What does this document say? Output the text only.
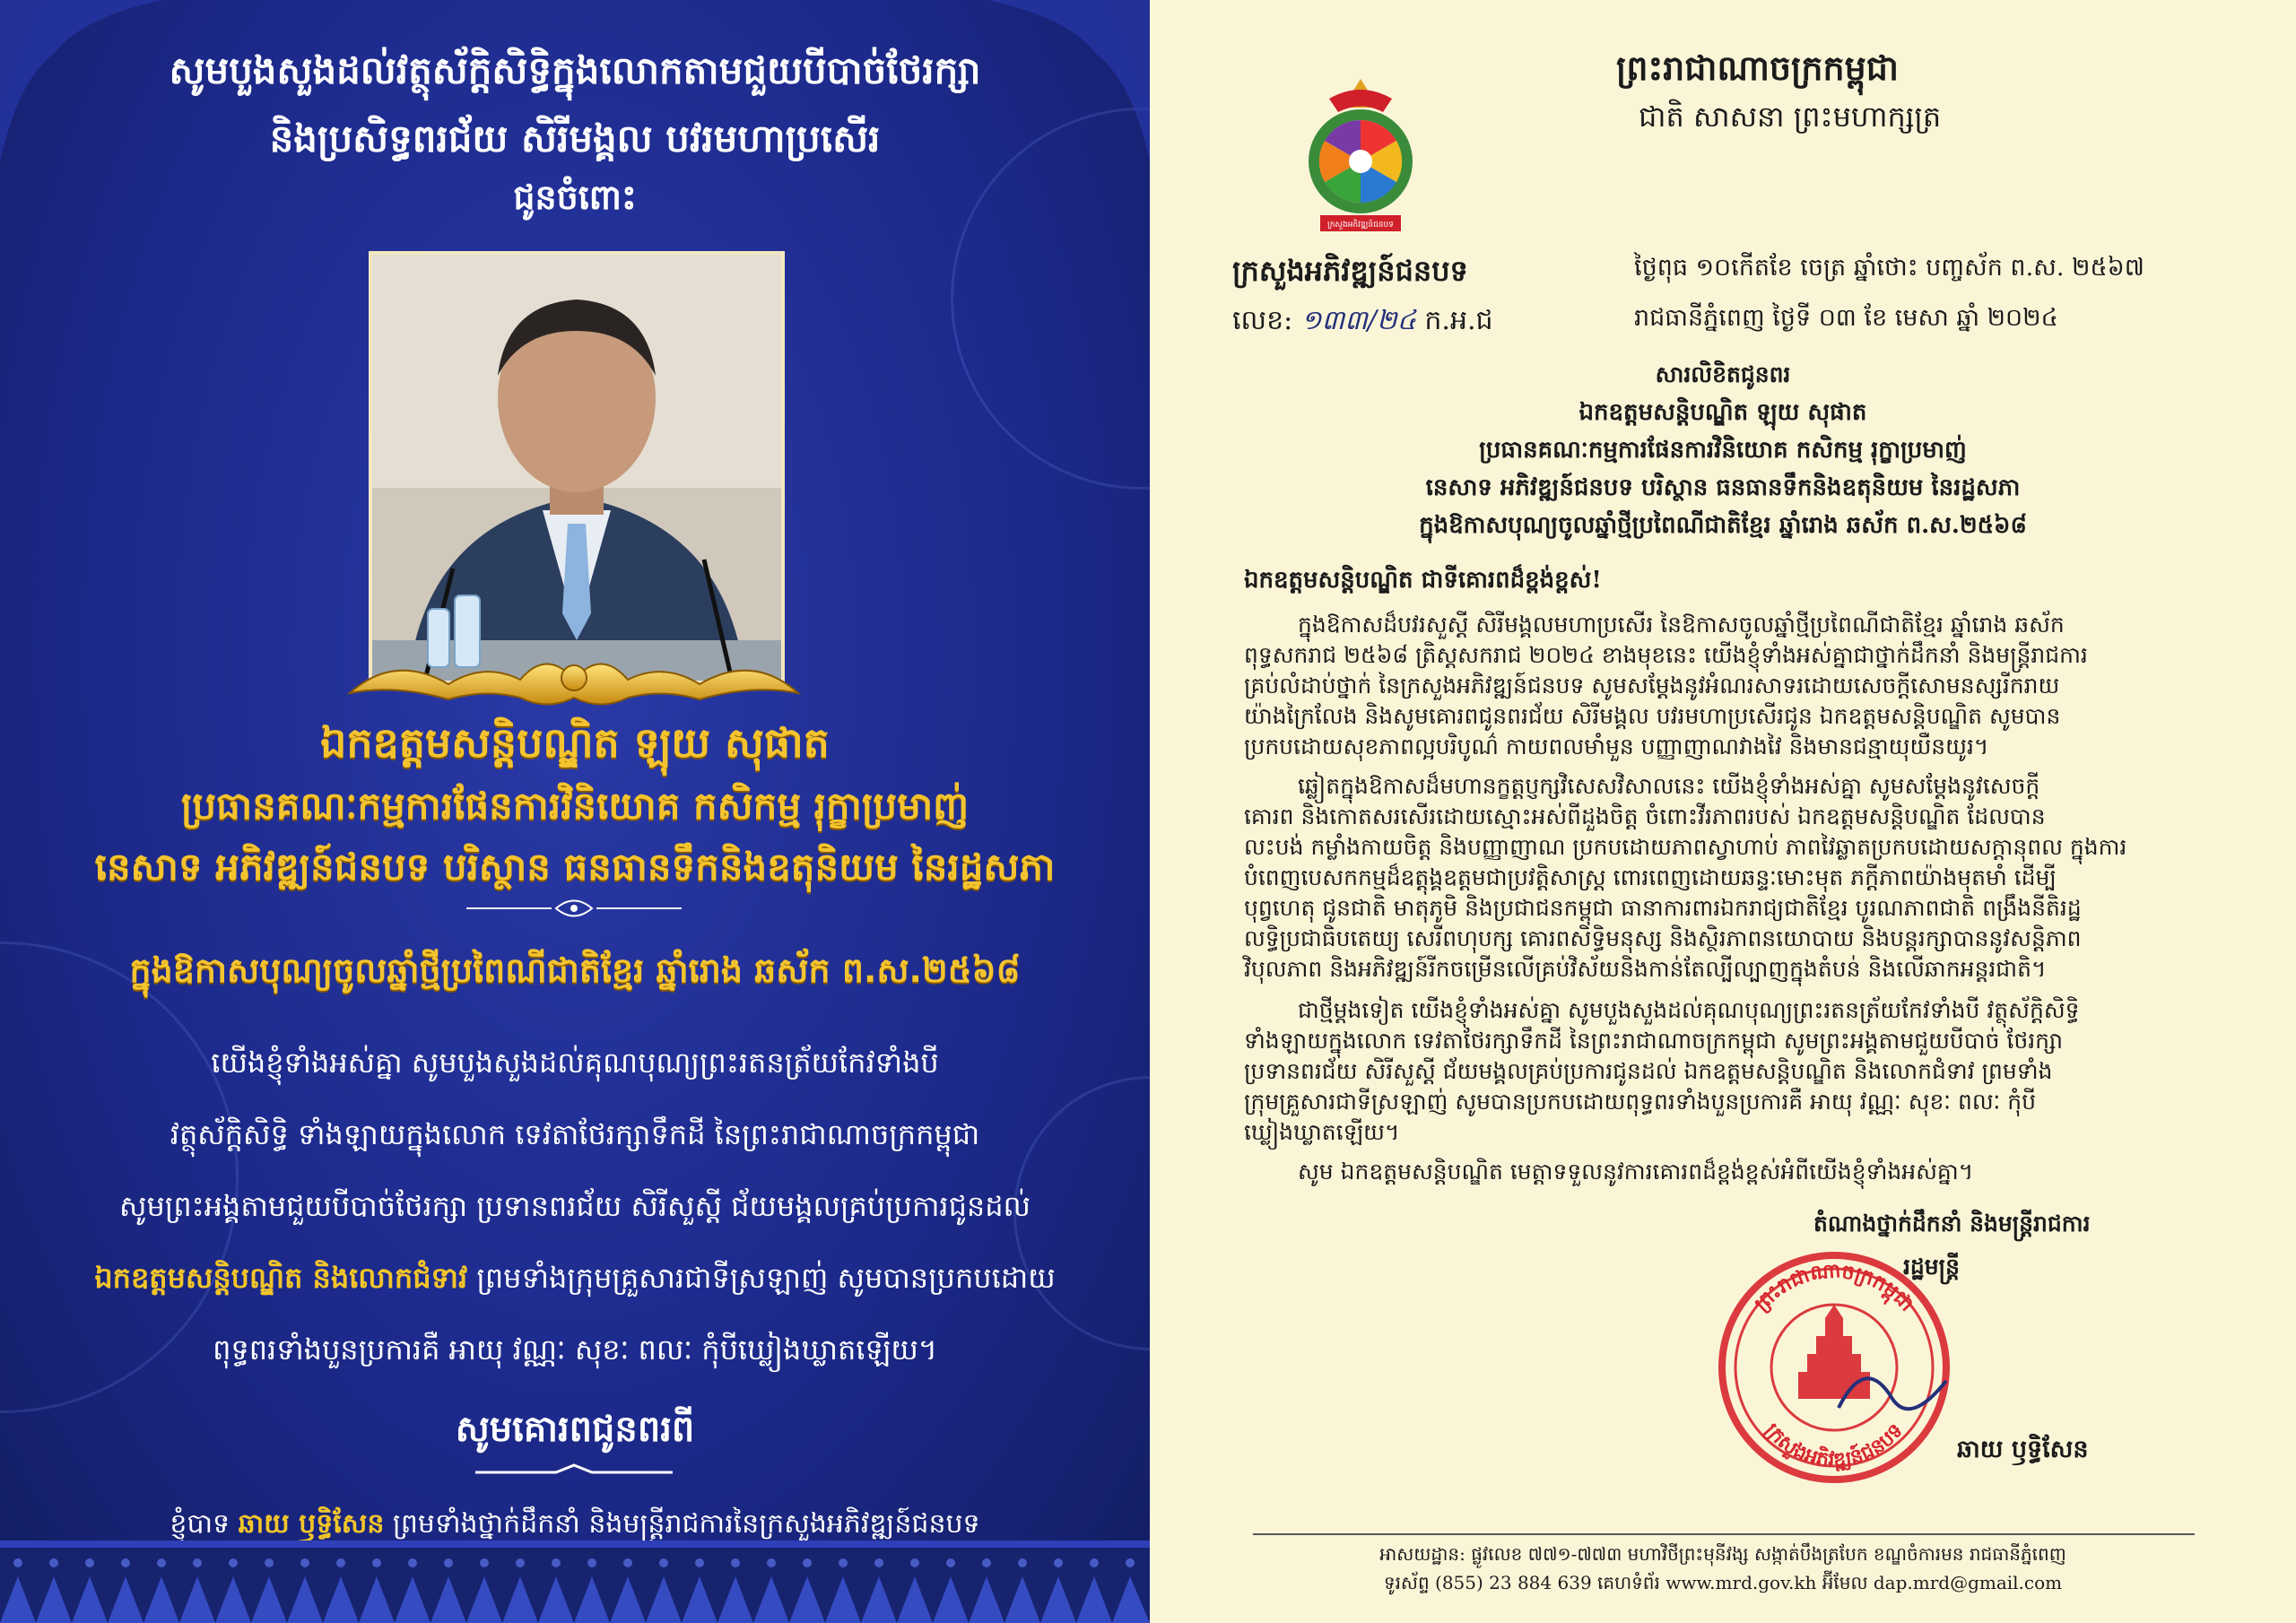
សូមបួងសួងដល់វត្ថុស័ក្តិសិទ្ធិក្នុងលោកតាមជួយបីបាច់ថែរក្សា
និងប្រសិទ្ធពរជ័យ សិរីមង្គល បវរមហាប្រសើរ
ជូនចំពោះ
ឯកឧត្តមសន្តិបណ្ឌិត ឡុយ សុផាត
ប្រធានគណៈកម្មការផែនការវិនិយោគ កសិកម្ម រុក្ខាប្រមាញ់
នេសាទ អភិវឌ្ឍន៍ជនបទ បរិស្ថាន ធនធានទឹកនិងឧតុនិយម នៃរដ្ឋសភា
ក្នុងឱកាសបុណ្យចូលឆ្នាំថ្មីប្រពៃណីជាតិខ្មែរ ឆ្នាំរោង ឆស័ក ព.ស.២៥៦៨
យើងខ្ញុំទាំងអស់គ្នា សូមបួងសួងដល់គុណបុណ្យព្រះរតនត្រ័យកែវទាំងបី
វត្ថុស័ក្តិសិទ្ធិ ទាំងឡាយក្នុងលោក ទេវតាថែរក្សាទឹកដី នៃព្រះរាជាណាចក្រកម្ពុជា
សូមព្រះអង្គតាមជួយបីបាច់ថែរក្សា ប្រទានពរជ័យ សិរីសួស្តី ជ័យមង្គលគ្រប់ប្រការជូនដល់
ឯកឧត្តមសន្តិបណ្ឌិត និងលោកជំទាវ ព្រមទាំងក្រុមគ្រួសារជាទីស្រឡាញ់ សូមបានប្រកបដោយ
ពុទ្ធពរទាំងបួនប្រការគឺ អាយុ វណ្ណៈ សុខៈ ពលៈ កុំបីឃ្លៀងឃ្លាតឡើយ។
សូមគោរពជូនពរពី
ខ្ញុំបាទ ឆាយ ឫទ្ធិសែន ព្រមទាំងថ្នាក់ដឹកនាំ និងមន្ត្រីរាជការនៃក្រសួងអភិវឌ្ឍន៍ជនបទ
ព្រះរាជាណាចក្រកម្ពុជា
ជាតិ សាសនា ព្រះមហាក្សត្រ
ក្រសួងអភិវឌ្ឍន៍ជនបទ
ក្រសួងអភិវឌ្ឍន៍ជនបទ
លេខ: ១៣៣/២៤ ក.អ.ជ
ថ្ងៃពុធ ១០កើតខែ ចេត្រ ឆ្នាំថោះ បញ្ចស័ក ព.ស. ២៥៦៧
រាជធានីភ្នំពេញ ថ្ងៃទី ០៣ ខែ មេសា ឆ្នាំ ២០២៤
សារលិខិតជូនពរ
ឯកឧត្តមសន្តិបណ្ឌិត ឡុយ សុផាត
ប្រធានគណៈកម្មការផែនការវិនិយោគ កសិកម្ម រុក្ខាប្រមាញ់
នេសាទ អភិវឌ្ឍន៍ជនបទ បរិស្ថាន ធនធានទឹកនិងឧតុនិយម នៃរដ្ឋសភា
ក្នុងឱកាសបុណ្យចូលឆ្នាំថ្មីប្រពៃណីជាតិខ្មែរ ឆ្នាំរោង ឆស័ក ព.ស.២៥៦៨
ឯកឧត្តមសន្តិបណ្ឌិត ជាទីគោរពដ៏ខ្ពង់ខ្ពស់!
ក្នុងឱកាសដ៏បវរសួស្តី សិរីមង្គលមហាប្រសើរ នៃឱកាសចូលឆ្នាំថ្មីប្រពៃណីជាតិខ្មែរ ឆ្នាំរោង ឆស័ក
ពុទ្ធសករាជ ២៥៦៨ ត្រិស្តសករាជ ២០២៤ ខាងមុខនេះ យើងខ្ញុំទាំងអស់គ្នាជាថ្នាក់ដឹកនាំ និងមន្ត្រីរាជការ
គ្រប់លំដាប់ថ្នាក់ នៃក្រសួងអភិវឌ្ឍន៍ជនបទ សូមសម្តែងនូវអំណរសាទរដោយសេចក្តីសោមនស្សរីករាយ
យ៉ាងក្រៃលែង និងសូមគោរពជូនពរជ័យ សិរីមង្គល បវរមហាប្រសើរជូន ឯកឧត្តមសន្តិបណ្ឌិត សូមបាន
ប្រកបដោយសុខភាពល្អបរិបូណ៌ កាយពលមាំមួន បញ្ញាញាណវាងវៃ និងមានជន្មាយុយឺនយូរ។
ឆ្លៀតក្នុងឱកាសដ៏មហានក្ខត្តប្ញក្សវិសេសវិសាលនេះ យើងខ្ញុំទាំងអស់គ្នា សូមសម្តែងនូវសេចក្តី
គោរព និងកោតសរសើរដោយស្មោះអស់ពីដួងចិត្ត ចំពោះវីរភាពរបស់ ឯកឧត្តមសន្តិបណ្ឌិត ដែលបាន
លះបង់ កម្លាំងកាយចិត្ត និងបញ្ញាញាណ ប្រកបដោយភាពស្វាហាប់ ភាពវៃឆ្លាតប្រកបដោយសក្តានុពល ក្នុងការ
បំពេញបេសកកម្មដ៏ឧត្តុង្គឧត្តមជាប្រវត្តិសាស្ត្រ ពោរពេញដោយឆន្ទៈមោះមុត ភក្តីភាពយ៉ាងមុតមាំ ដើម្បី
បុព្វហេតុ ជូនជាតិ មាតុភូមិ និងប្រជាជនកម្ពុជា ធានាការពារឯករាជ្យជាតិខ្មែរ បូរណភាពជាតិ ពង្រឹងនីតិរដ្ឋ
លទ្ធិប្រជាធិបតេយ្យ សេរីពហុបក្ស គោរពសិទ្ធិមនុស្ស និងស្ថិរភាពនយោបាយ និងបន្តរក្សាបាននូវសន្តិភាព
វិបុលភាព និងអភិវឌ្ឍន៍រីកចម្រើនលើគ្រប់វិស័យនិងកាន់តែល្បីល្បាញក្នុងតំបន់ និងលើឆាកអន្តរជាតិ។
ជាថ្មីម្តងទៀត យើងខ្ញុំទាំងអស់គ្នា សូមបួងសួងដល់គុណបុណ្យព្រះរតនត្រ័យកែវទាំងបី វត្ថុស័ក្តិសិទ្ធិ
ទាំងឡាយក្នុងលោក ទេវតាថែរក្សាទឹកដី នៃព្រះរាជាណាចក្រកម្ពុជា សូមព្រះអង្គតាមជួយបីបាច់ ថែរក្សា
ប្រទានពរជ័យ សិរីសួស្តី ជ័យមង្គលគ្រប់ប្រការជូនដល់ ឯកឧត្តមសន្តិបណ្ឌិត និងលោកជំទាវ ព្រមទាំង
ក្រុមគ្រួសារជាទីស្រឡាញ់ សូមបានប្រកបដោយពុទ្ធពរទាំងបួនប្រការគឺ អាយុ វណ្ណៈ សុខៈ ពលៈ កុំបី
ឃ្លៀងឃ្លាតឡើយ។
សូម ឯកឧត្តមសន្តិបណ្ឌិត មេត្តាទទួលនូវការគោរពដ៏ខ្ពង់ខ្ពស់អំពីយើងខ្ញុំទាំងអស់គ្នា។
តំណាងថ្នាក់ដឹកនាំ និងមន្ត្រីរាជការ
រដ្ឋមន្ត្រី
ព្រះរាជាណាចក្រកម្ពុជា
ក្រសួងអភិវឌ្ឍន៍ជនបទ
ឆាយ ឫទ្ធិសែន
អាសយដ្ឋាន: ផ្លូវលេខ ៧៧១-៧៧៣ មហាវិថីព្រះមុនីវង្ស សង្កាត់បឹងត្របែក ខណ្ឌចំការមន រាជធានីភ្នំពេញ
ទូរស័ព្ទ (855) 23 884 639 គេហទំព័រ www.mrd.gov.kh អ៊ីមែល dap.mrd@gmail.com
